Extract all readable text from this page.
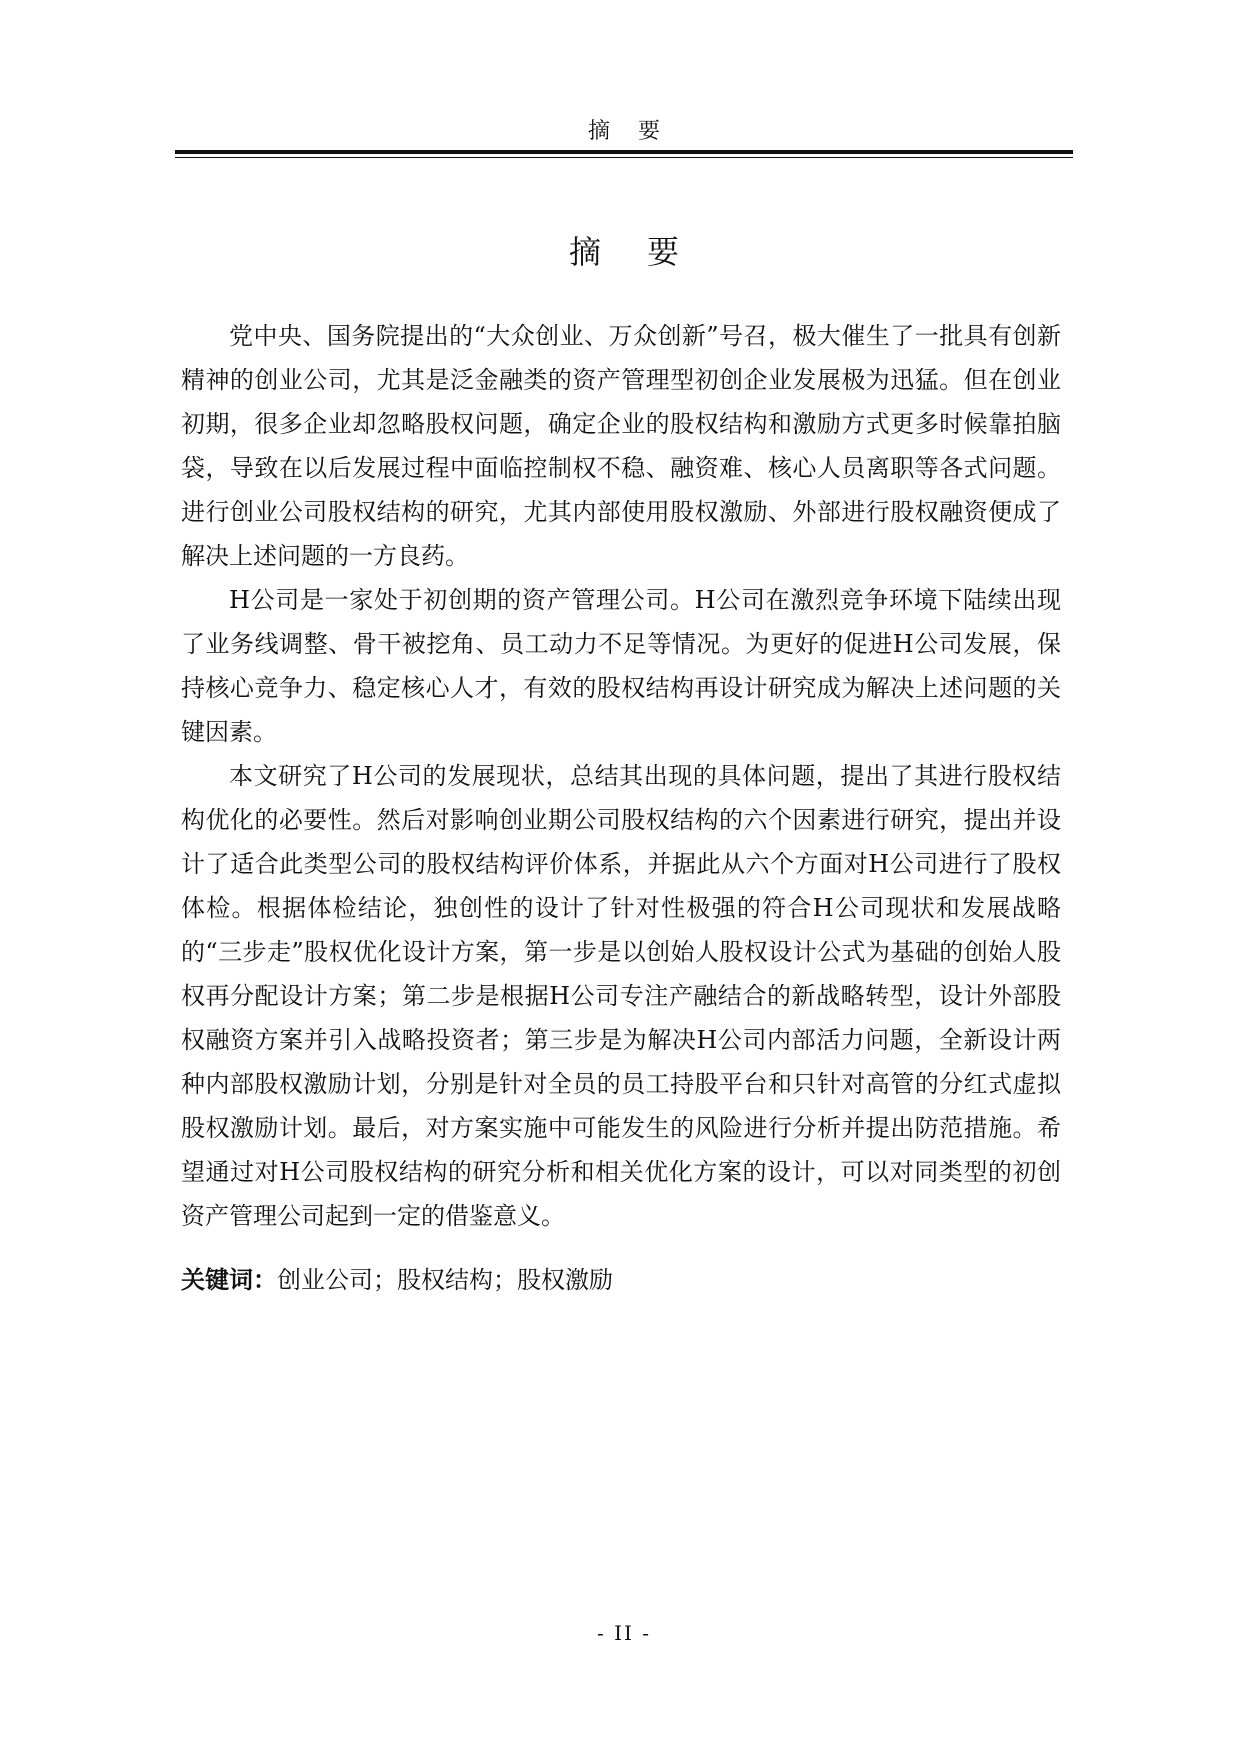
摘要
摘要

党中央、国务院提出的“大众创业、万众创新”号召，极大催生了一批具有创新精神的创业公司，尤其是泛金融类的资产管理型初创企业发展极为迅猛。但在创业初期，很多企业却忽略股权问题，确定企业的股权结构和激励方式更多时候靠拍脑袋，导致在以后发展过程中面临控制权不稳、融资难、核心人员离职等各式问题。进行创业公司股权结构的研究，尤其内部使用股权激励、外部进行股权融资便成了解决上述问题的一方良药。

H公司是一家处于初创期的资产管理公司。H公司在激烈竞争环境下陆续出现了业务线调整、骨干被挖角、员工动力不足等情况。为更好的促进H公司发展，保持核心竞争力、稳定核心人才，有效的股权结构再设计研究成为解决上述问题的关键因素。

本文研究了H公司的发展现状，总结其出现的具体问题，提出了其进行股权结构优化的必要性。然后对影响创业期公司股权结构的六个因素进行研究，提出并设计了适合此类型公司的股权结构评价体系，并据此从六个方面对H公司进行了股权体检。根据体检结论，独创性的设计了针对性极强的符合H公司现状和发展战略的“三步走”股权优化设计方案，第一步是以创始人股权设计公式为基础的创始人股权再分配设计方案；第二步是根据H公司专注产融结合的新战略转型，设计外部股权融资方案并引入战略投资者；第三步是为解决H公司内部活力问题，全新设计两种内部股权激励计划，分别是针对全员的员工持股平台和只针对高管的分红式虚拟股权激励计划。最后，对方案实施中可能发生的风险进行分析并提出防范措施。希望通过对H公司股权结构的研究分析和相关优化方案的设计，可以对同类型的初创资产管理公司起到一定的借鉴意义。

关键词：创业公司；股权结构；股权激励
- II -
